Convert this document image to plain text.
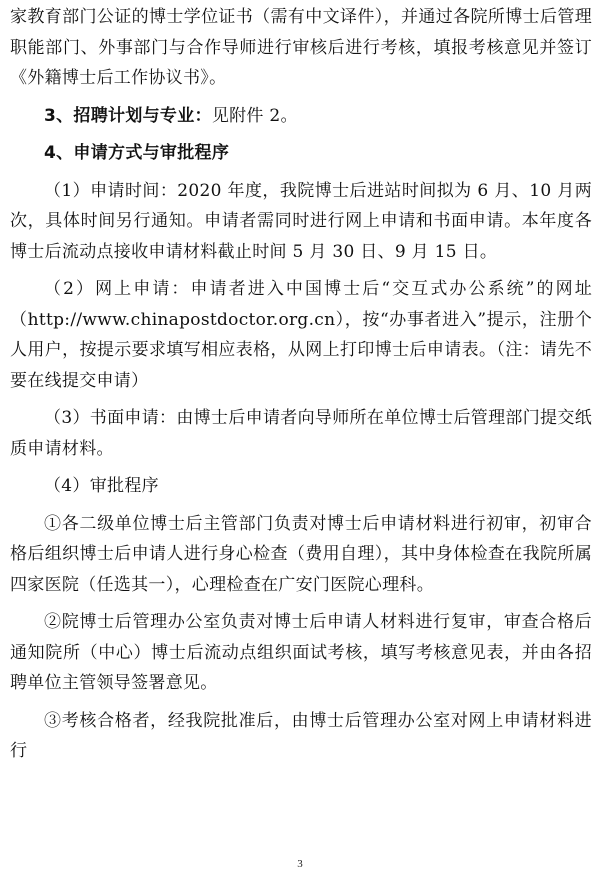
家教育部门公证的博士学位证书（需有中文译件），并通过各院所博士后管理职能部门、外事部门与合作导师进行审核后进行考核，填报考核意见并签订《外籍博士后工作协议书》。

3、招聘计划与专业：见附件 2。

4、申请方式与审批程序

（1）申请时间：2020 年度，我院博士后进站时间拟为 6 月、10 月两次，具体时间另行通知。申请者需同时进行网上申请和书面申请。本年度各博士后流动点接收申请材料截止时间 5 月 30 日、9 月 15 日。

（2）网上申请：申请者进入中国博士后“交互式办公系统”的网址（http://www.chinapostdoctor.org.cn），按“办事者进入”提示，注册个人用户，按提示要求填写相应表格，从网上打印博士后申请表。（注：请先不要在线提交申请）

（3）书面申请：由博士后申请者向导师所在单位博士后管理部门提交纸质申请材料。

（4）审批程序

①各二级单位博士后主管部门负责对博士后申请材料进行初审，初审合格后组织博士后申请人进行身心检查（费用自理），其中身体检查在我院所属四家医院（任选其一），心理检查在广安门医院心理科。

②院博士后管理办公室负责对博士后申请人材料进行复审，审查合格后通知院所（中心）博士后流动点组织面试考核，填写考核意见表，并由各招聘单位主管领导签署意见。

③考核合格者，经我院批准后，由博士后管理办公室对网上申请材料进行

3
